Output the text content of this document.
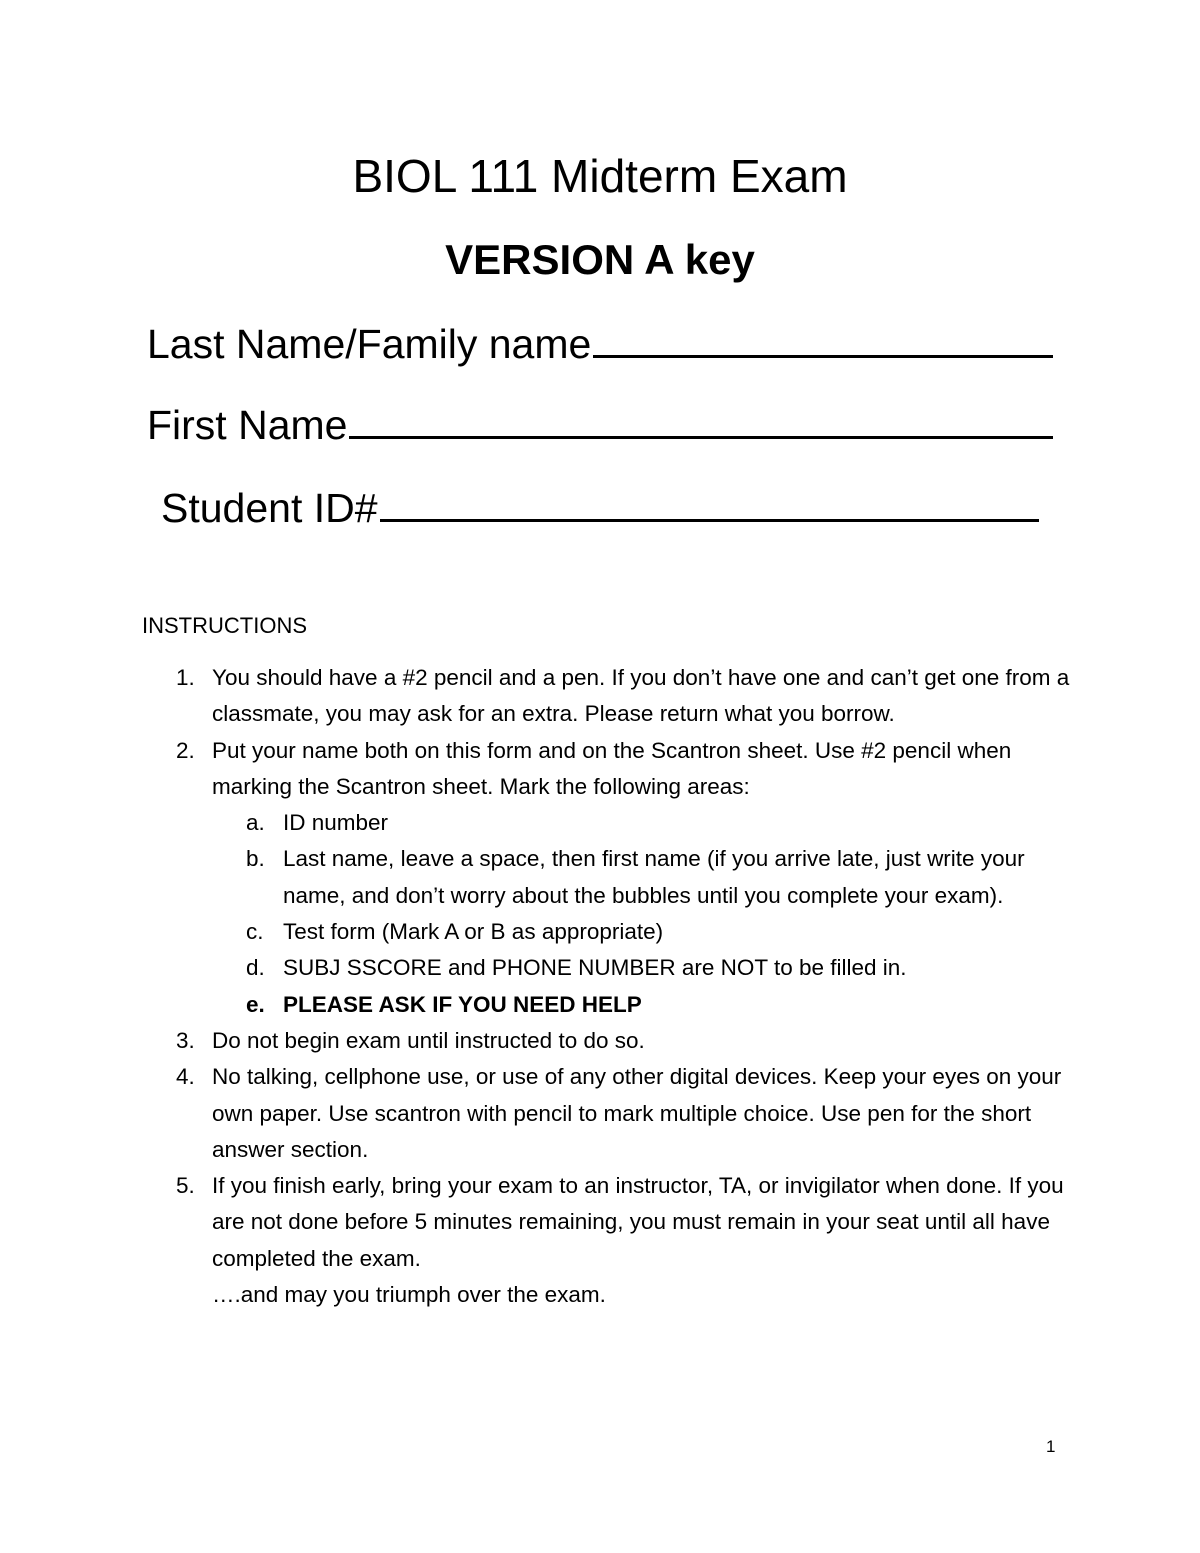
BIOL 111 Midterm Exam
VERSION A key
Last Name/Family name
First Name
Student ID#
INSTRUCTIONS
1. You should have a #2 pencil and a pen. If you don’t have one and can’t get one from a classmate, you may ask for an extra. Please return what you borrow.
2. Put your name both on this form and on the Scantron sheet. Use #2 pencil when marking the Scantron sheet. Mark the following areas:
a. ID number
b. Last name, leave a space, then first name (if you arrive late, just write your name, and don’t worry about the bubbles until you complete your exam).
c. Test form (Mark A or B as appropriate)
d. SUBJ SSCORE and PHONE NUMBER are NOT to be filled in.
e. PLEASE ASK IF YOU NEED HELP
3. Do not begin exam until instructed to do so.
4. No talking, cellphone use, or use of any other digital devices. Keep your eyes on your own paper. Use scantron with pencil to mark multiple choice. Use pen for the short answer section.
5. If you finish early, bring your exam to an instructor, TA, or invigilator when done. If you are not done before 5 minutes remaining, you must remain in your seat until all have completed the exam.
….and may you triumph over the exam.
1
